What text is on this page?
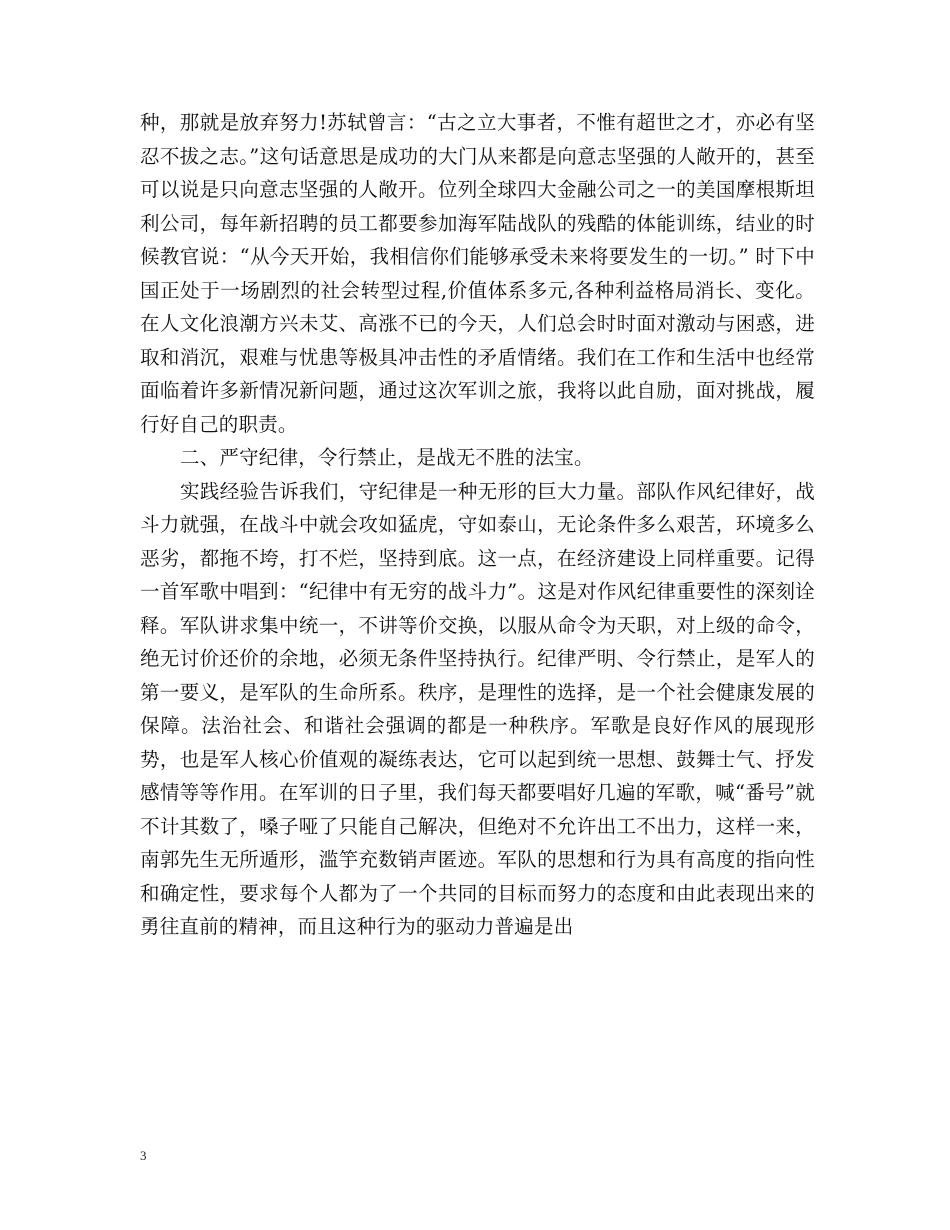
种，那就是放弃努力!苏轼曾言：“古之立大事者，不惟有超世之才，亦必有坚忍不拔之志。”这句话意思是成功的大门从来都是向意志坚强的人敞开的，甚至可以说是只向意志坚强的人敞开。位列全球四大金融公司之一的美国摩根斯坦利公司，每年新招聘的员工都要参加海军陆战队的残酷的体能训练，结业的时候教官说：“从今天开始，我相信你们能够承受未来将要发生的一切。” 时下中国正处于一场剧烈的社会转型过程,价值体系多元,各种利益格局消长、变化。在人文化浪潮方兴未艾、高涨不已的今天，人们总会时时面对激动与困惑，进取和消沉，艰难与忧患等极具冲击性的矛盾情绪。我们在工作和生活中也经常面临着许多新情况新问题，通过这次军训之旅，我将以此自励，面对挑战，履行好自己的职责。

二、严守纪律，令行禁止，是战无不胜的法宝。

实践经验告诉我们，守纪律是一种无形的巨大力量。部队作风纪律好，战斗力就强，在战斗中就会攻如猛虎，守如泰山，无论条件多么艰苦，环境多么恶劣，都拖不垮，打不烂，坚持到底。这一点，在经济建设上同样重要。记得一首军歌中唱到：“纪律中有无穷的战斗力”。这是对作风纪律重要性的深刻诠释。军队讲求集中统一，不讲等价交换，以服从命令为天职，对上级的命令，绝无讨价还价的余地，必须无条件坚持执行。纪律严明、令行禁止，是军人的第一要义，是军队的生命所系。秩序，是理性的选择，是一个社会健康发展的保障。法治社会、和谐社会强调的都是一种秩序。军歌是良好作风的展现形势，也是军人核心价值观的凝练表达，它可以起到统一思想、鼓舞士气、抒发感情等等作用。在军训的日子里，我们每天都要唱好几遍的军歌，喊“番号”就不计其数了，嗓子哑了只能自己解决，但绝对不允许出工不出力，这样一来，南郭先生无所遁形，滥竽充数销声匿迹。军队的思想和行为具有高度的指向性和确定性，要求每个人都为了一个共同的目标而努力的态度和由此表现出来的勇往直前的精神，而且这种行为的驱动力普遍是出

3
